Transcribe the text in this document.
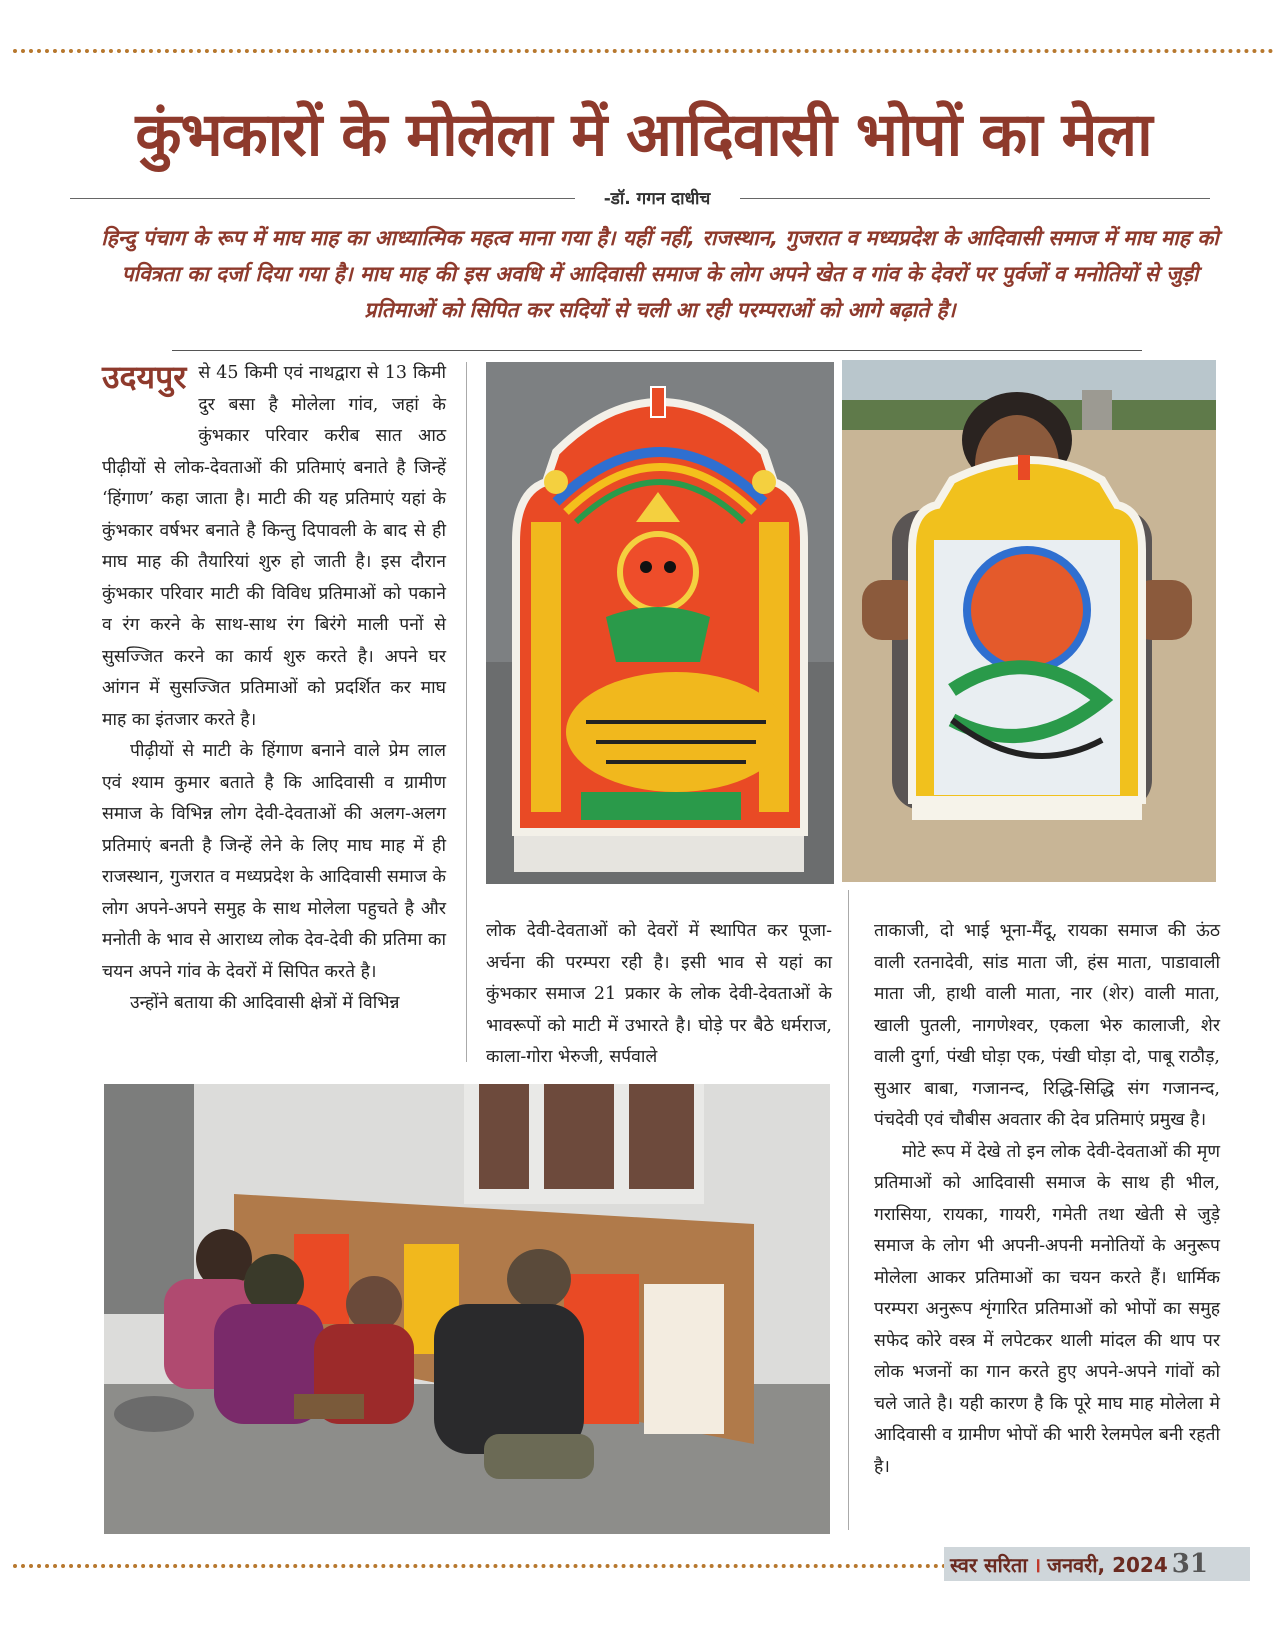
कुंभकारों के मोलेला में आदिवासी भोपों का मेला
-डॉ. गगन दाधीच
हिन्दु पंचाग के रूप में माघ माह का आध्यात्मिक महत्व माना गया है। यहीं नहीं, राजस्थान, गुजरात व मध्यप्रदेश के आदिवासी समाज में माघ माह को पवित्रता का दर्जा दिया गया है। माघ माह की इस अवधि में आदिवासी समाज के लोग अपने खेत व गांव के देवरों पर पुर्वजों व मनोतियों से जुड़ी प्रतिमाओं को सिपित कर सदियों से चली आ रही परम्पराओं को आगे बढ़ाते है।
उदयपुर से 45 किमी एवं नाथद्वारा से 13 किमी दुर बसा है मोलेला गांव, जहां के कुंभकार परिवार करीब सात आठ पीढ़ीयों से लोक-देवताओं की प्रतिमाएं बनाते है जिन्हें ‘हिंगाण’ कहा जाता है। माटी की यह प्रतिमाएं यहां के कुंभकार वर्षभर बनाते है किन्तु दिपावली के बाद से ही माघ माह की तैयारियां शुरु हो जाती है। इस दौरान कुंभकार परिवार माटी की विविध प्रतिमाओं को पकाने व रंग करने के साथ-साथ रंग बिरंगे माली पनों से सुसज्जित करने का कार्य शुरु करते है। अपने घर आंगन में सुसज्जित प्रतिमाओं को प्रदर्शित कर माघ माह का इंतजार करते है।

पीढ़ीयों से माटी के हिंगाण बनाने वाले प्रेम लाल एवं श्याम कुमार बताते है कि आदिवासी व ग्रामीण समाज के विभिन्न लोग देवी-देवताओं की अलग-अलग प्रतिमाएं बनती है जिन्हें लेने के लिए माघ माह में ही राजस्थान, गुजरात व मध्यप्रदेश के आदिवासी समाज के लोग अपने-अपने समुह के साथ मोलेला पहुचते है और मनोती के भाव से आराध्य लोक देव-देवी की प्रतिमा का चयन अपने गांव के देवरों में सिपित करते है।

उन्होंने बताया की आदिवासी क्षेत्रों में विभिन्न

लोक देवी-देवताओं को देवरों में स्थापित कर पूजा-अर्चना की परम्परा रही है। इसी भाव से यहां का कुंभकार समाज 21 प्रकार के लोक देवी-देवताओं के भावरूपों को माटी में उभारते है। घोड़े पर बैठे धर्मराज, काला-गोरा भेरुजी, सर्पवाले

ताकाजी, दो भाई भूना-मैंदू, रायका समाज की ऊंठ वाली रतनादेवी, सांड माता जी, हंस माता, पाडावाली माता जी, हाथी वाली माता, नार (शेर) वाली माता, खाली पुतली, नागणेश्वर, एकला भेरु कालाजी, शेर वाली दुर्गा, पंखी घोड़ा एक, पंखी घोड़ा दो, पाबू राठौड़, सुआर बाबा, गजानन्द, रिद्धि-सिद्धि संग गजानन्द, पंचदेवी एवं चौबीस अवतार की देव प्रतिमाएं प्रमुख है।

मोटे रूप में देखे तो इन लोक देवी-देवताओं की मृण प्रतिमाओं को आदिवासी समाज के साथ ही भील, गरासिया, रायका, गायरी, गमेती तथा खेती से जुड़े समाज के लोग भी अपनी-अपनी मनोतियों के अनुरूप मोलेला आकर प्रतिमाओं का चयन करते हैं। धार्मिक परम्परा अनुरूप शृंगारित प्रतिमाओं को भोपों का समुह सफेद कोरे वस्त्र में लपेटकर थाली मांदल की थाप पर लोक भजनों का गान करते हुए अपने-अपने गांवों को चले जाते है। यही कारण है कि पूरे माघ माह मोलेला मे आदिवासी व ग्रामीण भोपों की भारी रेलमपेल बनी रहती है।

स्वर सरिता । जनवरी, 2024 31
